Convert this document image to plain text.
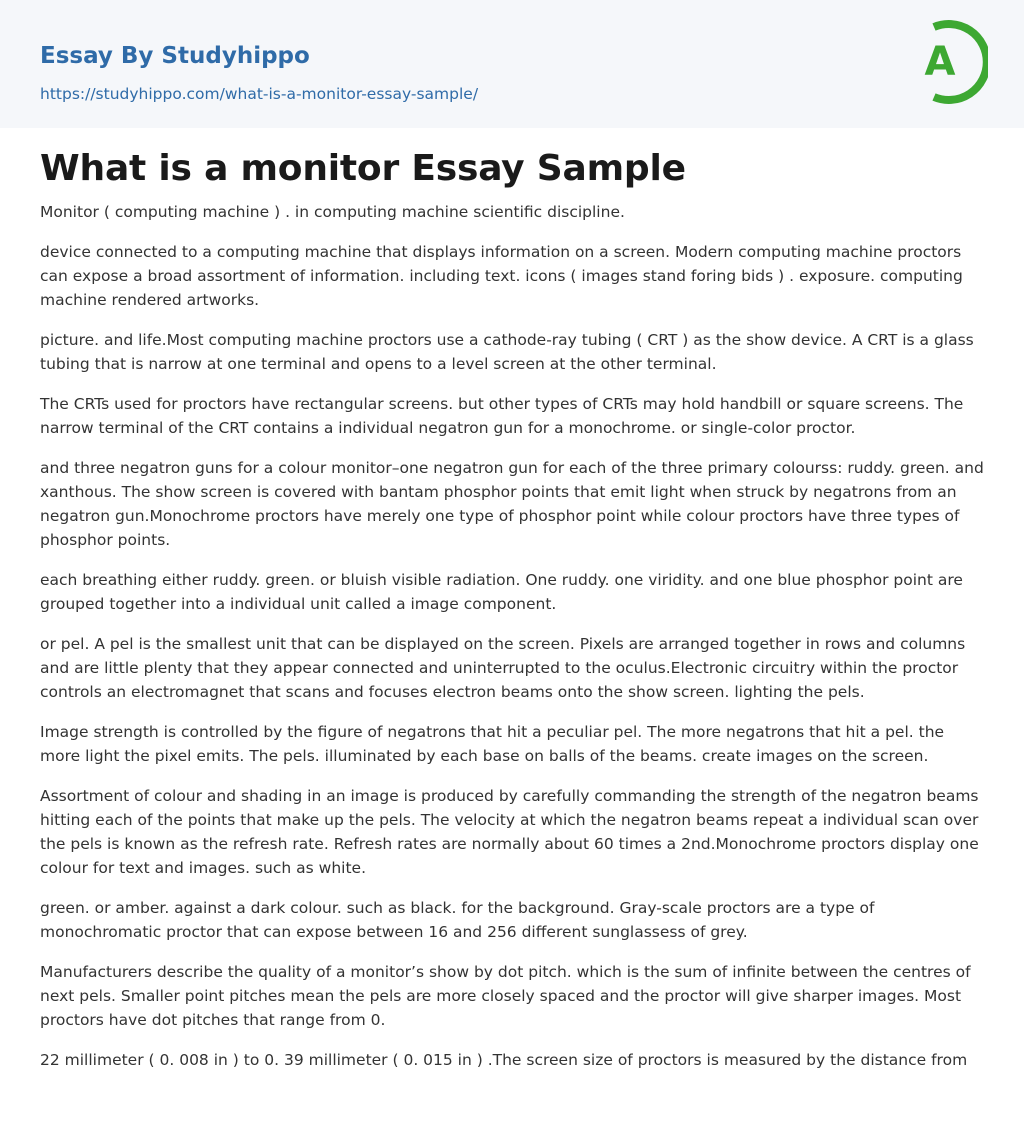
Essay By Studyhippo
https://studyhippo.com/what-is-a-monitor-essay-sample/
A
What is a monitor Essay Sample

Monitor ( computing machine ) . in computing machine scientific discipline.

device connected to a computing machine that displays information on a screen. Modern computing machine proctors can expose a broad assortment of information. including text. icons ( images stand foring bids ) . exposure. computing machine rendered artworks.

picture. and life.Most computing machine proctors use a cathode-ray tubing ( CRT ) as the show device. A CRT is a glass tubing that is narrow at one terminal and opens to a level screen at the other terminal.

The CRTs used for proctors have rectangular screens. but other types of CRTs may hold handbill or square screens. The narrow terminal of the CRT contains a individual negatron gun for a monochrome. or single-color proctor.

and three negatron guns for a colour monitor–one negatron gun for each of the three primary colourss: ruddy. green. and xanthous. The show screen is covered with bantam phosphor points that emit light when struck by negatrons from an negatron gun.Monochrome proctors have merely one type of phosphor point while colour proctors have three types of phosphor points.

each breathing either ruddy. green. or bluish visible radiation. One ruddy. one viridity. and one blue phosphor point are grouped together into a individual unit called a image component.

or pel. A pel is the smallest unit that can be displayed on the screen. Pixels are arranged together in rows and columns and are little plenty that they appear connected and uninterrupted to the oculus.Electronic circuitry within the proctor controls an electromagnet that scans and focuses electron beams onto the show screen. lighting the pels.

Image strength is controlled by the figure of negatrons that hit a peculiar pel. The more negatrons that hit a pel. the more light the pixel emits. The pels. illuminated by each base on balls of the beams. create images on the screen.

Assortment of colour and shading in an image is produced by carefully commanding the strength of the negatron beams hitting each of the points that make up the pels. The velocity at which the negatron beams repeat a individual scan over the pels is known as the refresh rate. Refresh rates are normally about 60 times a 2nd.Monochrome proctors display one colour for text and images. such as white.

green. or amber. against a dark colour. such as black. for the background. Gray-scale proctors are a type of monochromatic proctor that can expose between 16 and 256 different sunglassess of grey.

Manufacturers describe the quality of a monitor’s show by dot pitch. which is the sum of infinite between the centres of next pels. Smaller point pitches mean the pels are more closely spaced and the proctor will give sharper images. Most proctors have dot pitches that range from 0.

22 millimeter ( 0. 008 in ) to 0. 39 millimeter ( 0. 015 in ) .The screen size of proctors is measured by the distance from
